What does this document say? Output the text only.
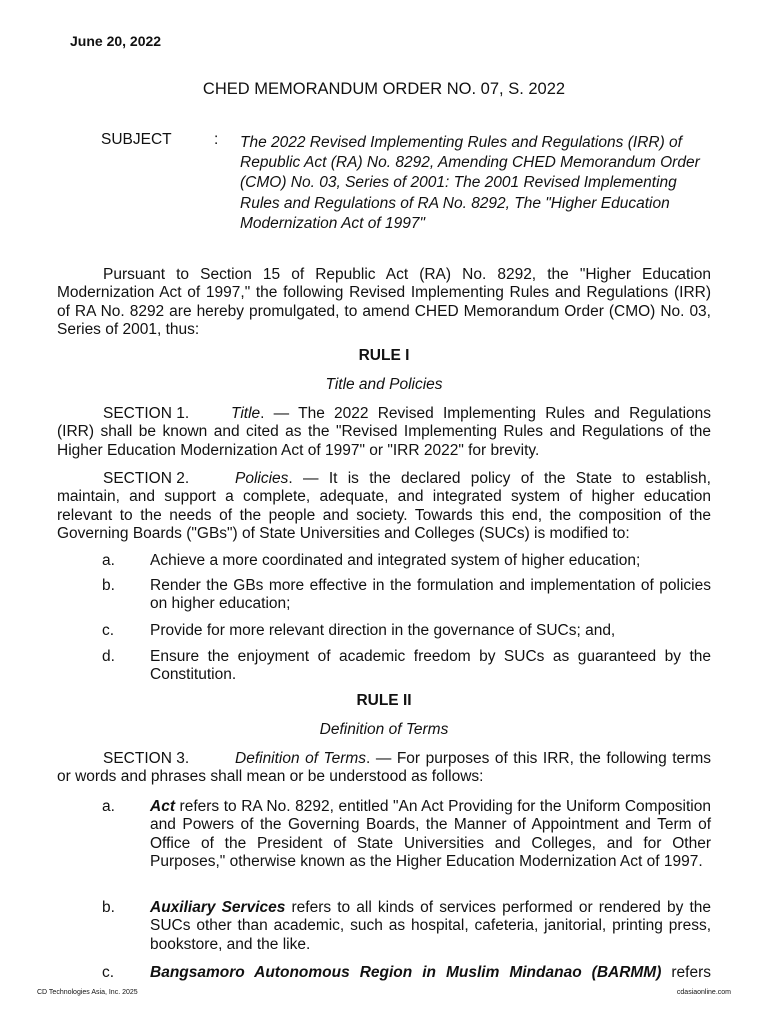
June 20, 2022
CHED MEMORANDUM ORDER NO. 07, S. 2022
SUBJECT	: The 2022 Revised Implementing Rules and Regulations (IRR) of Republic Act (RA) No. 8292, Amending CHED Memorandum Order (CMO) No. 03, Series of 2001: The 2001 Revised Implementing Rules and Regulations of RA No. 8292, The "Higher Education Modernization Act of 1997"
Pursuant to Section 15 of Republic Act (RA) No. 8292, the "Higher Education Modernization Act of 1997," the following Revised Implementing Rules and Regulations (IRR) of RA No. 8292 are hereby promulgated, to amend CHED Memorandum Order (CMO) No. 03, Series of 2001, thus:
RULE I
Title and Policies
SECTION 1.	Title. — The 2022 Revised Implementing Rules and Regulations (IRR) shall be known and cited as the "Revised Implementing Rules and Regulations of the Higher Education Modernization Act of 1997" or "IRR 2022" for brevity.
SECTION 2.	Policies. — It is the declared policy of the State to establish, maintain, and support a complete, adequate, and integrated system of higher education relevant to the needs of the people and society. Towards this end, the composition of the Governing Boards ("GBs") of State Universities and Colleges (SUCs) is modified to:
a. Achieve a more coordinated and integrated system of higher education;
b. Render the GBs more effective in the formulation and implementation of policies on higher education;
c. Provide for more relevant direction in the governance of SUCs; and,
d. Ensure the enjoyment of academic freedom by SUCs as guaranteed by the Constitution.
RULE II
Definition of Terms
SECTION 3.	Definition of Terms. — For purposes of this IRR, the following terms or words and phrases shall mean or be understood as follows:
a. Act refers to RA No. 8292, entitled "An Act Providing for the Uniform Composition and Powers of the Governing Boards, the Manner of Appointment and Term of Office of the President of State Universities and Colleges, and for Other Purposes," otherwise known as the Higher Education Modernization Act of 1997.
b. Auxiliary Services refers to all kinds of services performed or rendered by the SUCs other than academic, such as hospital, cafeteria, janitorial, printing press, bookstore, and the like.
c. Bangsamoro Autonomous Region in Muslim Mindanao (BARMM) refers
CD Technologies Asia, Inc. 2025	cdasiaonline.com
